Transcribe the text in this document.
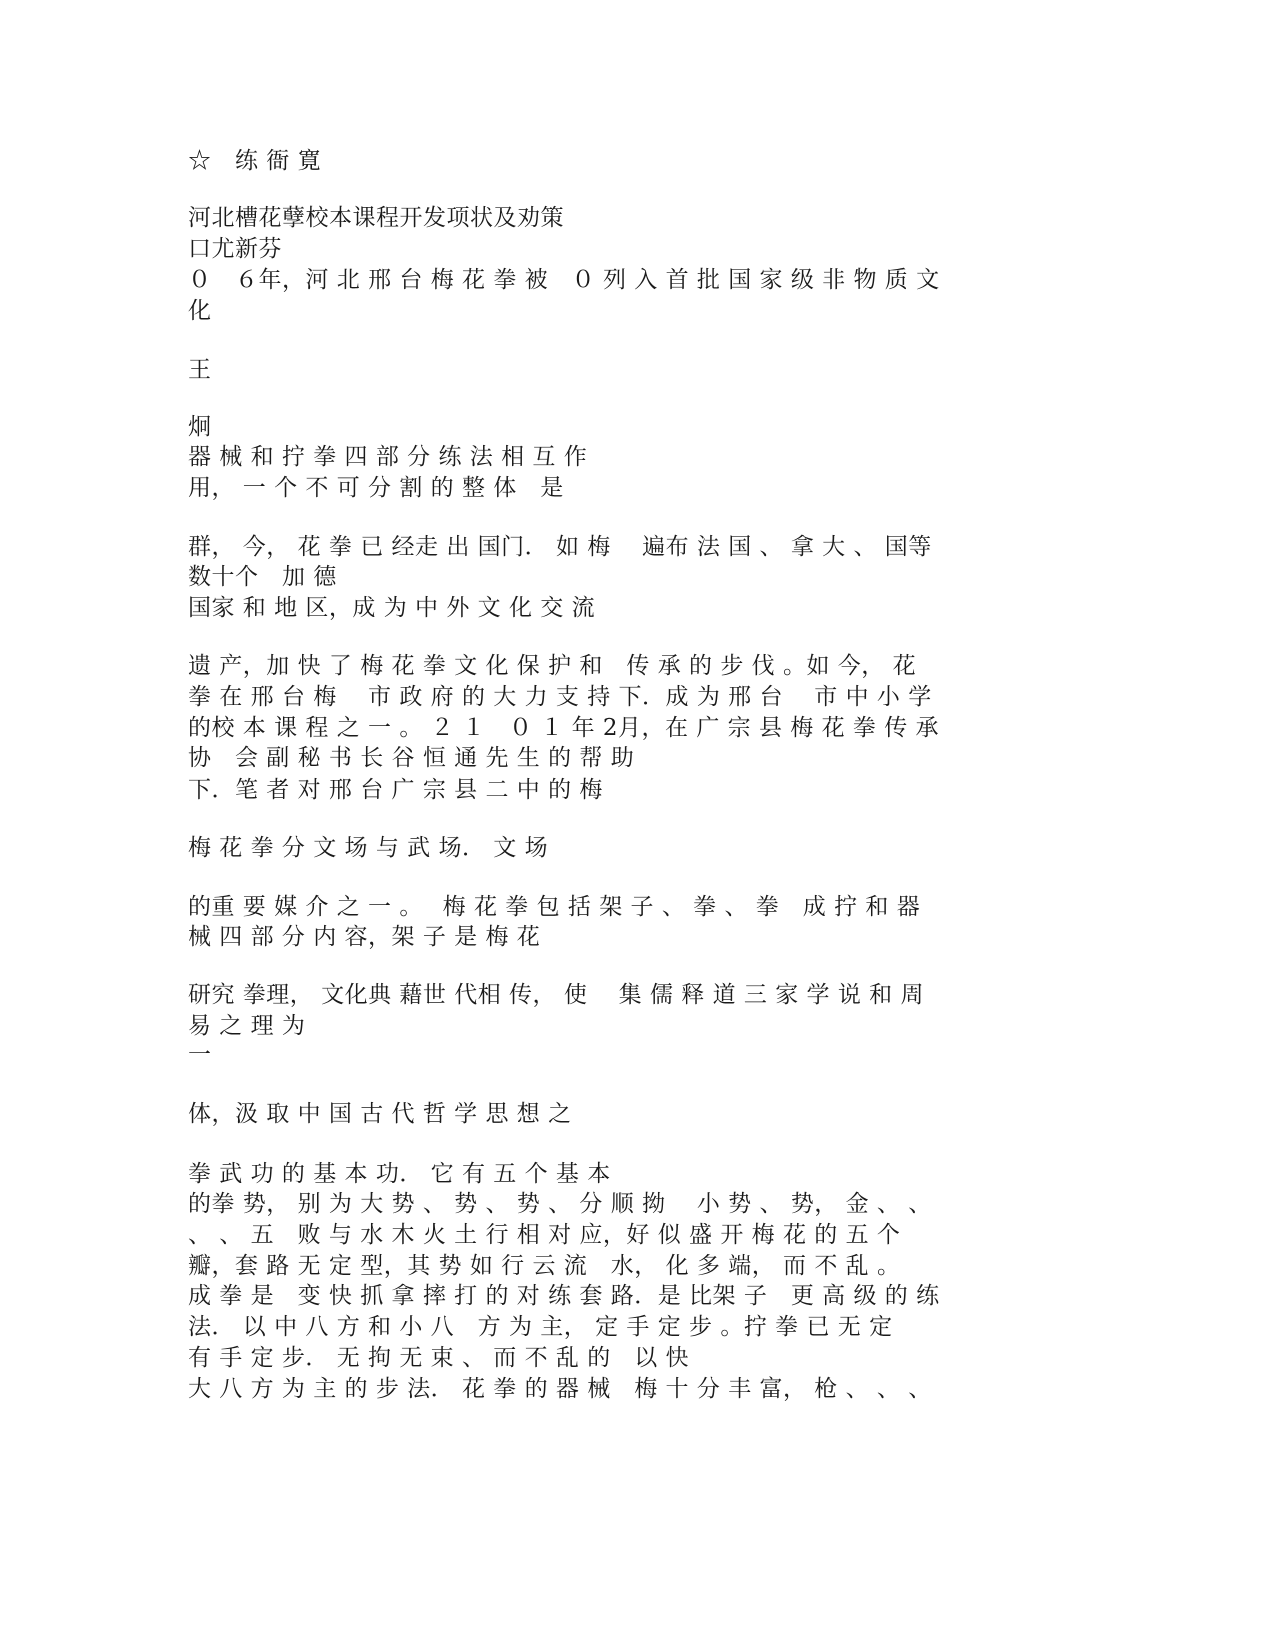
☆　练 衙 寛

河北槽花孽校本课程开发项状及劝策

口尤新芬

０　６年，河 北 邢 台 梅 花 拳 被　０ 列 入 首 批 国 家 级 非 物 质 文

化

王

炯

器 械 和 拧 拳 四 部 分 练 法 相 互 作

用， 一 个 不 可 分 割 的 整 体　是

群， 今， 花 拳 已 经走 出 国门． 如 梅　 遍布 法 国 、 拿 大 、 国等

数十个　加 德

国家 和 地 区，成 为 中 外 文 化 交 流

遗 产，加 快 了 梅 花 拳 文 化 保 护 和　传 承 的 步 伐 。如 今， 花

拳 在 邢 台 梅　 市 政 府 的 大 力 支 持 下．成 为 邢 台　 市 中 小 学

的校 本 课 程 之 一 。 ２ １　０ １ 年 2月，在 广 宗 县 梅 花 拳 传 承

协　会 副 秘 书 长 谷 恒 通 先 生 的 帮 助

下．笔 者 对 邢 台 广 宗 县 二 中 的 梅

梅 花 拳 分 文 场 与 武 场． 文 场

的重 要 媒 介 之 一 。　 梅 花 拳 包 括 架 子 、 拳 、 拳　成 拧 和 器

械 四 部 分 内 容，架 子 是 梅 花

研究 拳理， 文化典 藉世 代相 传， 使　 集 儒 释 道 三 家 学 说 和 周

易 之 理 为

一

体，汲 取 中 国 古 代 哲 学 思 想 之

拳 武 功 的 基 本 功． 它 有 五 个 基 本

的拳 势， 别 为 大 势 、 势 、 势 、 分 顺 拗　 小 势 、 势， 金 、 、

、 、 五　败 与 水 木 火 土 行 相 对 应，好 似 盛 开 梅 花 的 五 个

瓣，套 路 无 定 型，其 势 如 行 云 流　水， 化 多 端， 而 不 乱 。

成 拳 是　变 快 抓 拿 摔 打 的 对 练 套 路．是 比架 子　更 高 级 的 练

法． 以 中 八 方 和 小 八　方 为 主， 定 手 定 步 。拧 拳 已 无 定

有 手 定 步． 无 拘 无 束 、 而 不 乱 的　以 快

大 八 方 为 主 的 步 法． 花 拳 的 器 械　梅 十 分 丰 富， 枪 、 、 、
